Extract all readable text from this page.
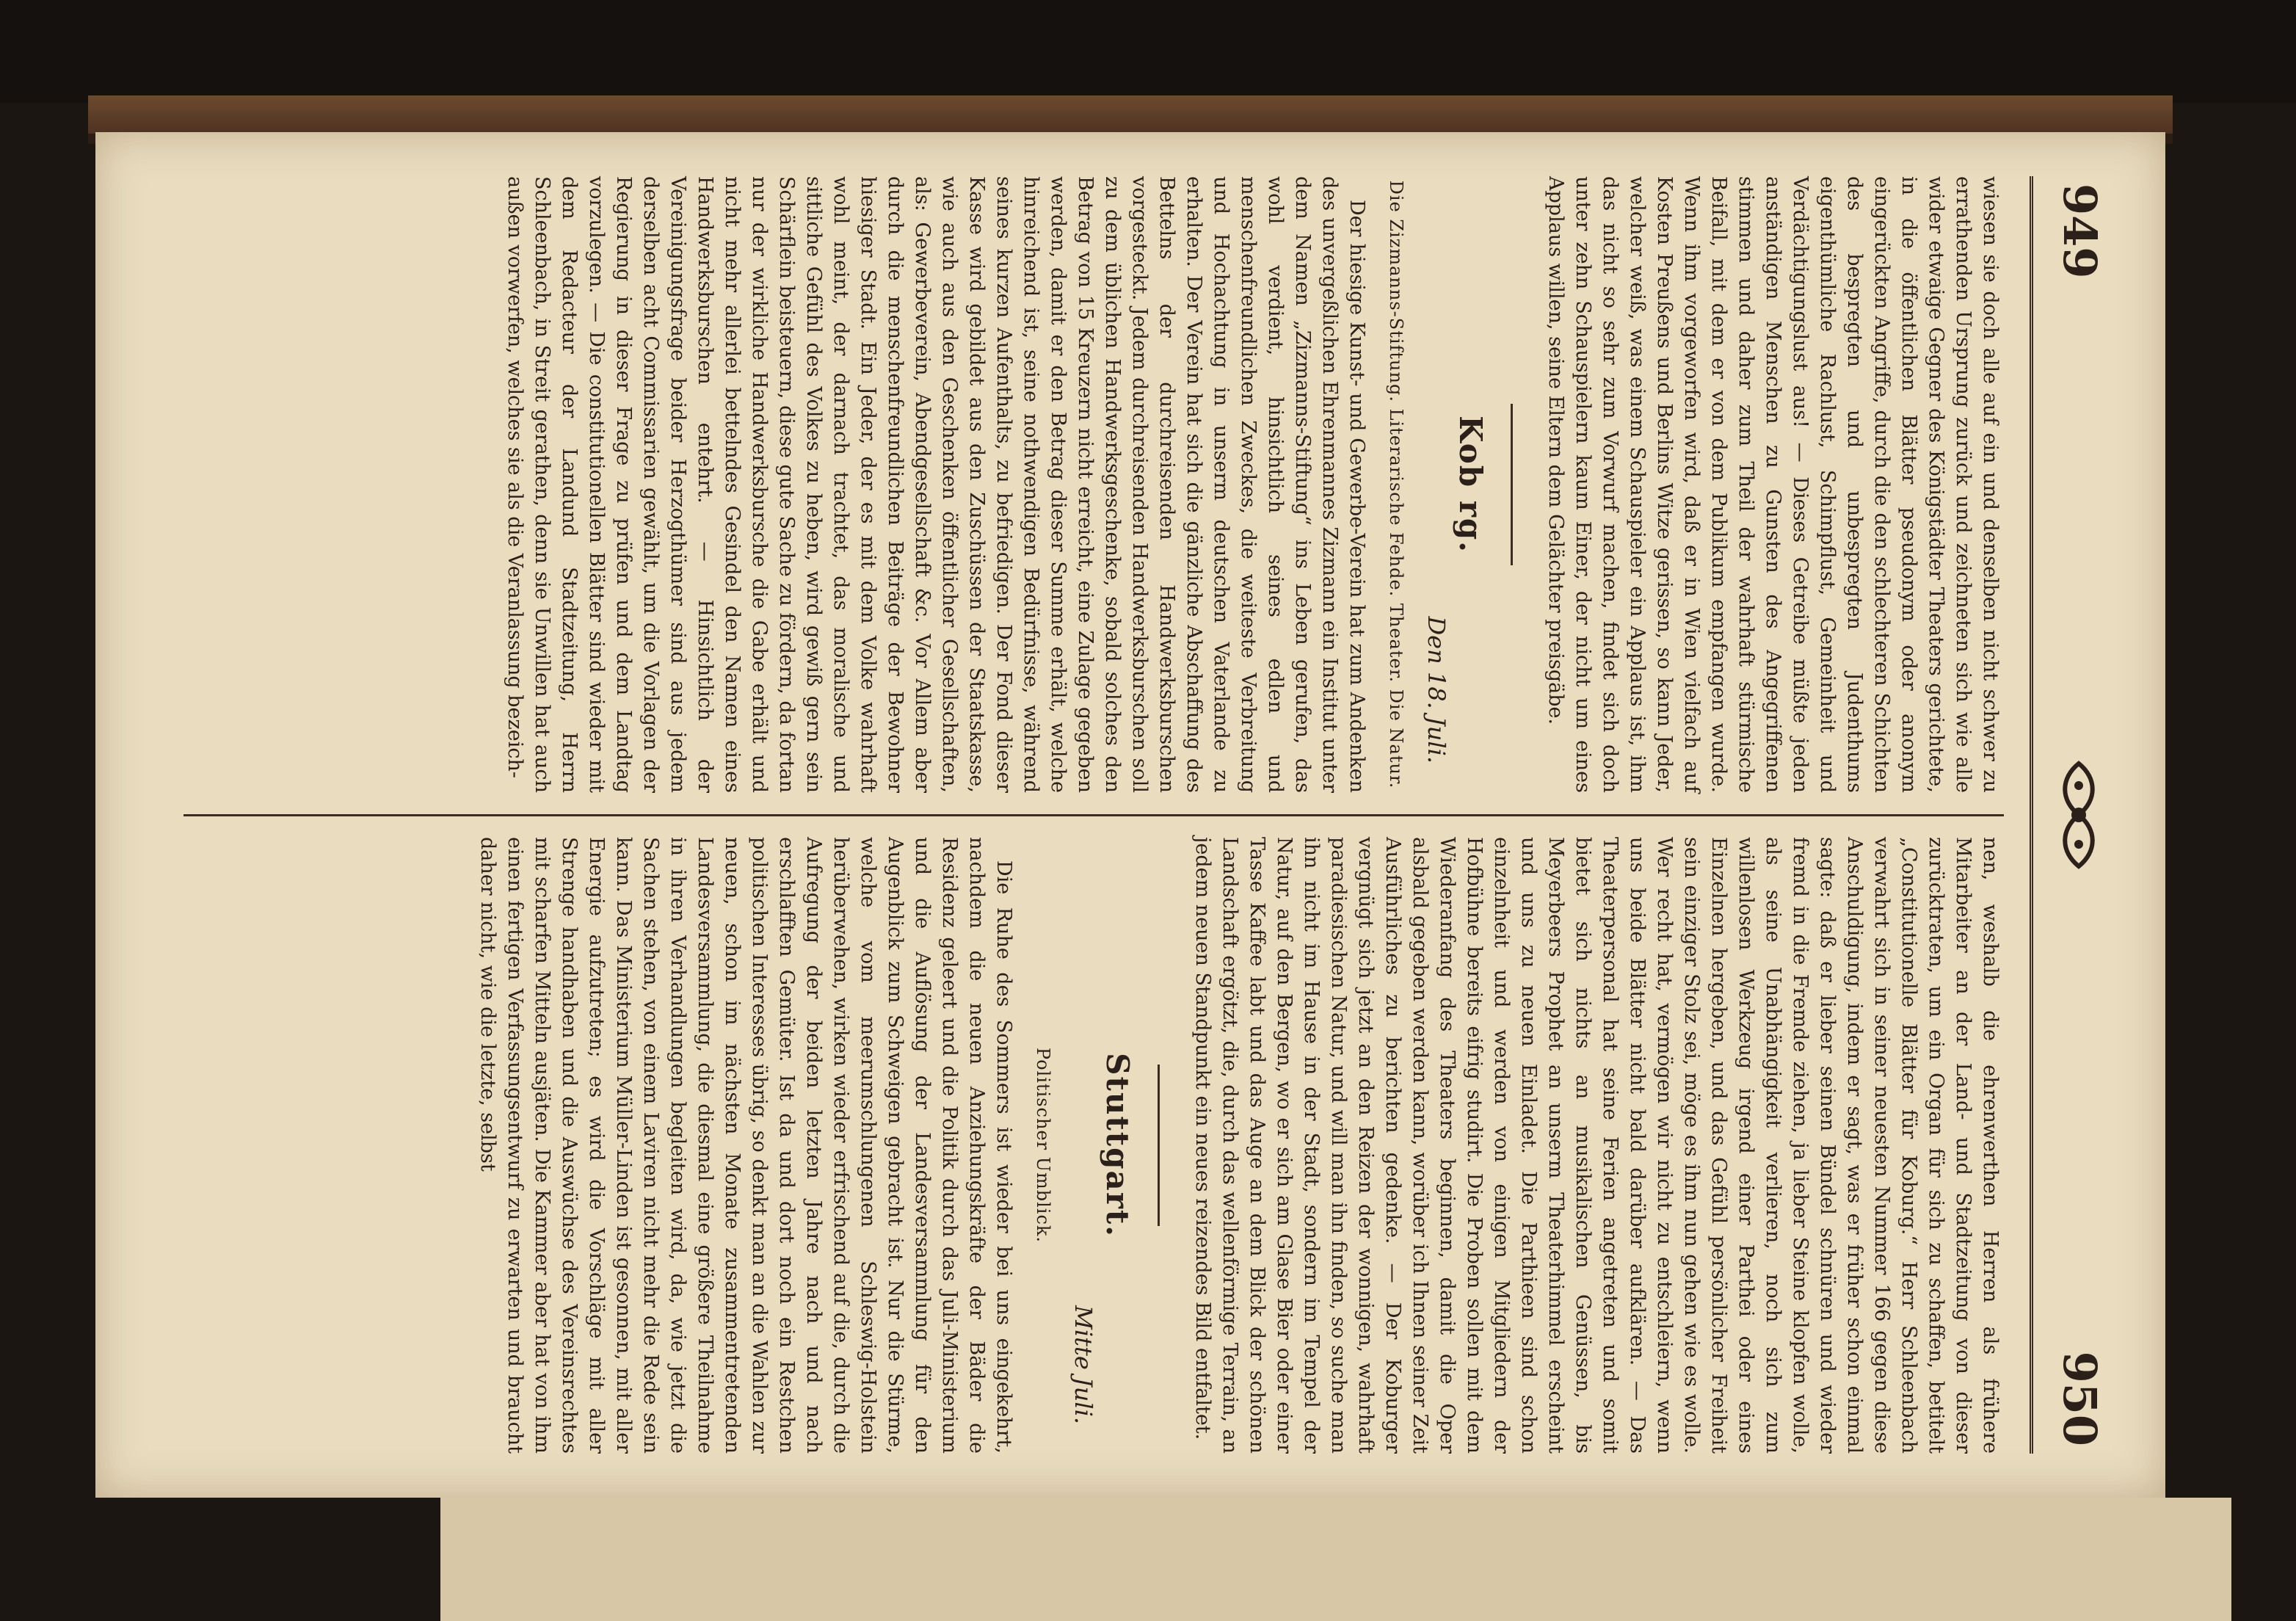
949
950

wiesen sie doch alle auf ein und denselben nicht schwer zu errathenden Ursprung zurück und zeichneten sich wie alle wider etwaige Gegner des Königstädter Theaters gerichtete, in die öffentlichen Blätter pseudonym oder anonym eingerückten Angriffe, durch die den schlechteren Schichten des bespregten und unbespregten Judenthums eigenthümliche Rachlust, Schimpflust, Gemeinheit und Verdächtigungslust aus! — Dieses Getreibe müßte jeden anständigen Menschen zu Gunsten des Angegriffenen stimmen und daher zum Theil der wahrhaft stürmische Beifall, mit dem er von dem Publikum empfangen wurde. Wenn ihm vorgeworfen wird, daß er in Wien vielfach auf Kosten Preußens und Berlins Witze gerissen, so kann Jeder, welcher weiß, was einem Schauspieler ein Applaus ist, ihm das nicht so sehr zum Vorwurf machen, findet sich doch unter zehn Schauspielern kaum Einer, der nicht um eines Applaus willen, seine Eltern dem Gelächter preisgäbe.

Kob rg.
Den 18. Juli.
Die Zizmanns-Stiftung. Literarische Fehde. Theater. Die Natur.

Der hiesige Kunst- und Gewerbe-Verein hat zum Andenken des unvergeßlichen Ehrenmannes Zizmann ein Institut unter dem Namen „Zizmanns-Stiftung“ ins Leben gerufen, das wohl verdient, hinsichtlich seines edlen und menschenfreundlichen Zweckes, die weiteste Verbreitung und Hochachtung in unserm deutschen Vaterlande zu erhalten. Der Verein hat sich die gänzliche Abschaffung des Bettelns der durchreisenden Handwerksburschen vorgesteckt. Jedem durchreisenden Handwerksburschen soll zu dem üblichen Handwerksgeschenke, sobald solches den Betrag von 15 Kreuzern nicht erreicht, eine Zulage gegeben werden, damit er den Betrag dieser Summe erhält, welche hinreichend ist, seine nothwendigen Bedürfnisse, während seines kurzen Aufenthalts, zu befriedigen. Der Fond dieser Kasse wird gebildet aus den Zuschüssen der Staatskasse, wie auch aus den Geschenken öffentlicher Gesellschaften, als: Gewerbeverein, Abendgesellschaft &c. Vor Allem aber durch die menschenfreundlichen Beiträge der Bewohner hiesiger Stadt. Ein Jeder, der es mit dem Volke wahrhaft wohl meint, der darnach trachtet, das moralische und sittliche Gefühl des Volkes zu heben, wird gewiß gern sein Schärflein beisteuern, diese gute Sache zu fördern, da fortan nur der wirkliche Handwerksbursche die Gabe erhält und nicht mehr allerlei bettelndes Gesindel den Namen eines Handwerksburschen entehrt. — Hinsichtlich der Vereinigungsfrage beider Herzogthümer sind aus jedem derselben acht Commissarien gewählt, um die Vorlagen der Regierung in dieser Frage zu prüfen und dem Landtag vorzulegen. — Die constitutionellen Blätter sind wieder mit dem Redacteur der Landund Stadtzeitung, Herrn Schleenbach, in Streit gerathen, denn sie Unwillen hat auch außen vorwerfen, welches sie als die Veranlassung bezeich-

nen, weshalb die ehrenwerthen Herren als frühere Mitarbeiter an der Land- und Stadtzeitung von dieser zurücktraten, um ein Organ für sich zu schaffen, betitelt „Constitutionelle Blätter für Koburg.“ Herr Schleenbach verwahrt sich in seiner neuesten Nummer 166 gegen diese Anschuldigung, indem er sagt, was er früher schon einmal sagte: daß er lieber seinen Bündel schnüren und wieder fremd in die Fremde ziehen, ja lieber Steine klopfen wolle, als seine Unabhängigkeit verlieren, noch sich zum willenlosen Werkzeug irgend einer Parthei oder eines Einzelnen hergeben, und das Gefühl persönlicher Freiheit sein einziger Stolz sei, möge es ihm nun gehen wie es wolle. Wer recht hat, vermögen wir nicht zu entschleiern, wenn uns beide Blätter nicht bald darüber aufklären. — Das Theaterpersonal hat seine Ferien angetreten und somit bietet sich nichts an musikalischen Genüssen, bis Meyerbeers Prophet an unserm Theaterhimmel erscheint und uns zu neuen Einladet. Die Parthieen sind schon einzelnheit und werden von einigen Mitgliedern der Hofbühne bereits eifrig studirt. Die Proben sollen mit dem Wiederanfang des Theaters beginnen, damit die Oper alsbald gegeben werden kann, worüber ich Ihnen seiner Zeit Ausführliches zu berichten gedenke. — Der Koburger vergnügt sich jetzt an den Reizen der wonnigen, wahrhaft paradiesischen Natur, und will man ihn finden, so suche man ihn nicht im Hause in der Stadt, sondern im Tempel der Natur, auf den Bergen, wo er sich am Glase Bier oder einer Tasse Kaffee labt und das Auge an dem Blick der schönen Landschaft ergötzt, die, durch das wellenförmige Terrain, an jedem neuen Standpunkt ein neues reizendes Bild entfaltet.

Stuttgart.
Mitte Juli.
Politischer Umblick.

Die Ruhe des Sommers ist wieder bei uns eingekehrt, nachdem die neuen Anziehungskräfte der Bäder die Residenz geleert und die Politik durch das Juli-Ministerium und die Auflösung der Landesversammlung für den Augenblick zum Schweigen gebracht ist. Nur die Stürme, welche vom meerumschlungenen Schleswig-Holstein herüberwehen, wirken wieder erfrischend auf die, durch die Aufregung der beiden letzten Jahre nach und nach erschlafften Gemüter. Ist da und dort noch ein Restchen politischen Interesses übrig, so denkt man an die Wahlen zur neuen, schon im nächsten Monate zusammentretenden Landesversammlung, die diesmal eine größere Theilnahme in ihren Verhandlungen begleiten wird, da, wie jetzt die Sachen stehen, von einem Laviren nicht mehr die Rede sein kann. Das Ministerium Müller-Linden ist gesonnen, mit aller Energie aufzutreten; es wird die Vorschläge mit aller Strenge handhaben und die Auswüchse des Vereinsrechtes mit scharfen Mitteln ausjäten. Die Kammer aber hat von ihm einen fertigen Verfassungsentwurf zu erwarten und braucht daher nicht, wie die letzte, selbst
